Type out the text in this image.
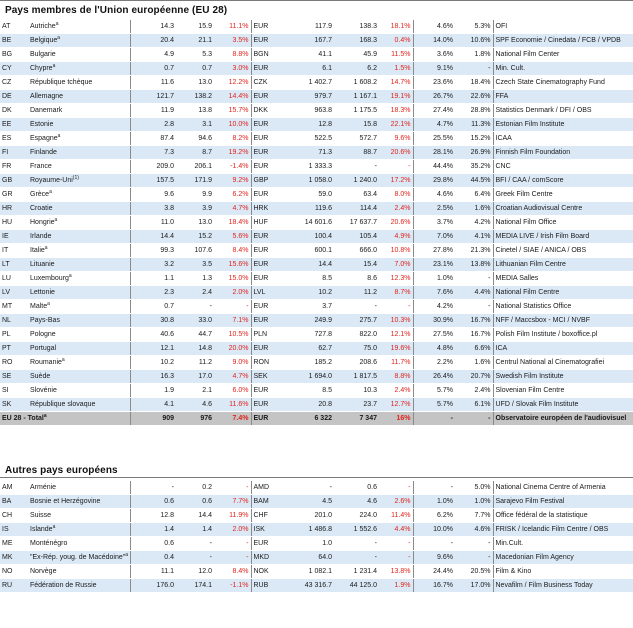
Pays membres de l'Union européenne (EU 28)
AT	Autriche$^a$	14.3	15.9	11.1%	EUR	117.9	138.3	18.1%	4.6%	5.3%	OFI
BE	Belgique$^a$	20.4	21.1	3.5%	EUR	167.7	168.3	0.4%	14.0%	10.6%	SPF Economie / Cinedata / FCB / VPDB
BG	Bulgarie	4.9	5.3	8.8%	BGN	41.1	45.9	11.5%	3.6%	1.8%	National Film Center
CY	Chypre$^a$	0.7	0.7	3.0%	EUR	6.1	6.2	1.5%	9.1%	-	Min. Cult.
CZ	République tchèque	11.6	13.0	12.2%	CZK	1 402.7	1 608.2	14.7%	23.6%	18.4%	Czech State Cinematography Fund
DE	Allemagne	121.7	138.2	14.4%	EUR	979.7	1 167.1	19.1%	26.7%	22.6%	FFA
DK	Danemark	11.9	13.8	15.7%	DKK	963.8	1 175.5	18.3%	27.4%	28.8%	Statistics Denmark / DFI / OBS
EE	Estonie	2.8	3.1	10.0%	EUR	12.8	15.8	22.1%	4.7%	11.3%	Estonian Film Institute
ES	Espagne$^a$	87.4	94.6	8.2%	EUR	522.5	572.7	9.6%	25.5%	15.2%	ICAA
FI	Finlande	7.3	8.7	19.2%	EUR	71.3	88.7	20.6%	28.1%	26.9%	Finnish Film Foundation
FR	France	209.0	206.1	-1.4%	EUR	1 333.3	-	-	44.4%	35.2%	CNC
GB	Royaume-Uni$^{(1)}$	157.5	171.9	9.2%	GBP	1 058.0	1 240.0	17.2%	29.8%	44.5%	BFI / CAA / comScore
GR	Grèce$^a$	9.6	9.9	6.2%	EUR	59.0	63.4	8.0%	4.6%	6.4%	Greek Film Centre
HR	Croatie	3.8	3.9	4.7%	HRK	119.6	114.4	2.4%	2.5%	1.6%	Croatian Audiovisual Centre
HU	Hongrie$^a$	11.0	13.0	18.4%	HUF	14 601.6	17 637.7	20.6%	3.7%	4.2%	National Film Office
IE	Irlande	14.4	15.2	5.6%	EUR	100.4	105.4	4.9%	7.0%	4.1%	MEDIA LIVE / Irish Film Board
IT	Italie$^a$	99.3	107.6	8.4%	EUR	600.1	666.0	10.8%	27.8%	21.3%	Cinetel / SIAE / ANICA / OBS
LT	Lituanie	3.2	3.5	15.6%	EUR	14.4	15.4	7.0%	23.1%	13.8%	Lithuanian Film Centre
LU	Luxembourg$^a$	1.1	1.3	15.0%	EUR	8.5	8.6	12.3%	1.0%	-	MEDIA Salles
LV	Lettonie	2.3	2.4	2.0%	LVL	10.2	11.2	8.7%	7.6%	4.4%	National Film Centre
MT	Malte$^a$	0.7	-	-	EUR	3.7	-	-	4.2%	-	National Statistics Office
NL	Pays-Bas	30.8	33.0	7.1%	EUR	249.9	275.7	10.3%	30.9%	16.7%	NFF / Maccsbox - MCI / NVBF
PL	Pologne	40.6	44.7	10.5%	PLN	727.8	822.0	12.1%	27.5%	16.7%	Polish Film Institute / boxoffice.pl
PT	Portugal	12.1	14.8	20.0%	EUR	62.7	75.0	19.6%	4.8%	6.6%	ICA
RO	Roumanie$^a$	10.2	11.2	9.0%	RON	185.2	208.6	11.7%	2.2%	1.6%	Centrul National al Cinematografiei
SE	Suède	16.3	17.0	4.7%	SEK	1 694.0	1 817.5	8.8%	26.4%	20.7%	Swedish Film Institute
SI	Slovénie	1.9	2.1	6.0%	EUR	8.5	10.3	2.4%	5.7%	2.4%	Slovenian Film Centre
SK	République slovaque	4.1	4.6	11.6%	EUR	20.8	23.7	12.7%	5.7%	6.1%	UFD / Slovak Film Institute
EU 28 - Total$^a$		909	976	7.4%	EUR	6 322	7 347	16%	-	-	Observatoire européen de l'audiovisuel
Autres pays européens
AM	Arménie	-	0.2	-	AMD	-	0.6	-	-	5.0%	National Cinema Centre of Armenia
BA	Bosnie et Herzégovine	0.6	0.6	7.7%	BAM	4.5	4.6	2.6%	1.0%	1.0%	Sarajevo Film Festival
CH	Suisse	12.8	14.4	11.9%	CHF	201.0	224.0	11.4%	6.2%	7.7%	Office fédéral de la statistique
IS	Islande$^a$	1.4	1.4	2.0%	ISK	1 486.8	1 552.6	4.4%	10.0%	4.6%	FRISK / Icelandic Film Centre / OBS
ME	Monténégro	0.6	-	-	EUR	1.0	-	-	-	-	Min.Cult.
MK	"Ex-Rép. youg. de Macédoine"$^a$	0.4	-	-	MKD	64.0	-	-	9.6%	-	Macedonian Film Agency
NO	Norvège	11.1	12.0	8.4%	NOK	1 082.1	1 231.4	13.8%	24.4%	20.5%	Film & Kino
RU	Fédération de Russie	176.0	174.1	-1.1%	RUB	43 316.7	44 125.0	1.9%	16.7%	17.0%	Nevafilm / Film Business Today
